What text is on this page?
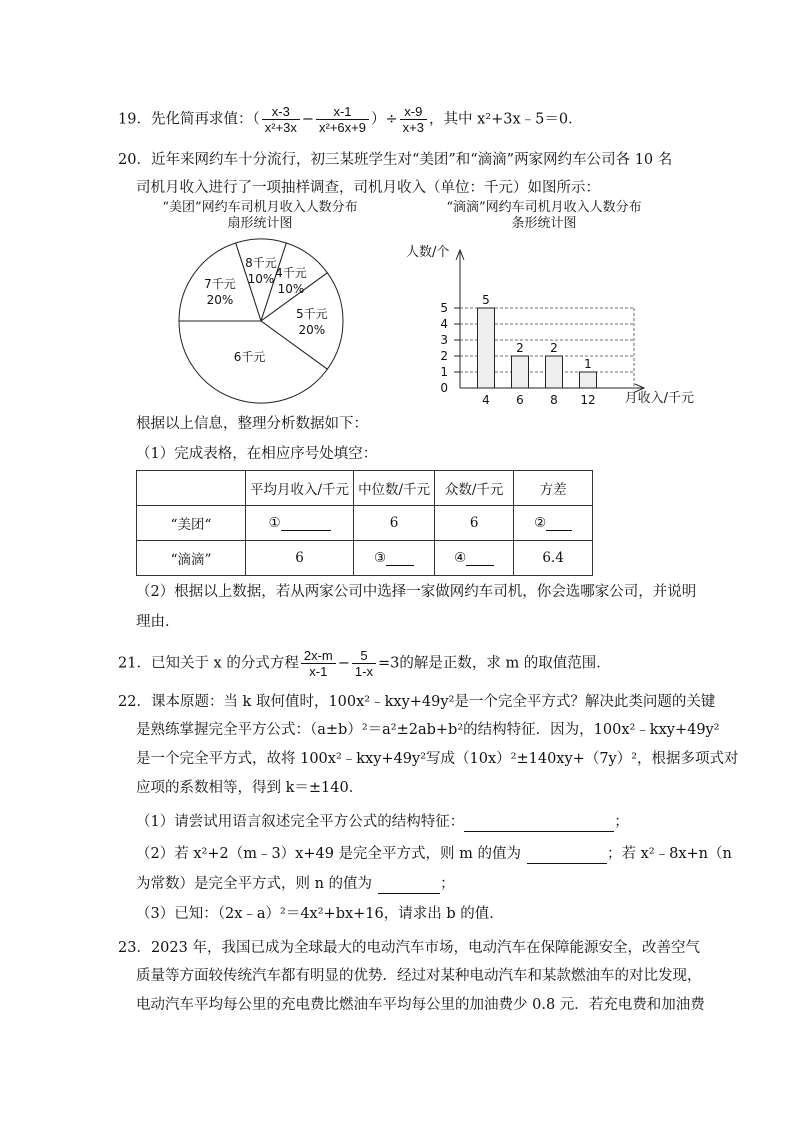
19．先化简再求值：（ $\frac{x-3}{\text{x²+3x}} - \frac{x-1}{\text{x²+6x+9}}$ ）÷ $\frac{x-9}{x+3}$ ，其中 x²+3x﹣5＝0．
20．近年来网约车十分流行，初三某班学生对“美团”和“滴滴”两家网约车公司各 10 名
司机月收入进行了一项抽样调查，司机月收入（单位：千元）如图所示：
“美团”网约车司机月收入人数分布
扇形统计图
“滴滴”网约车司机月收入人数分布
条形统计图
8千元
10% 4千元
10%
5千元
20%
6千元
7千元
20%
0
1
2
3
4
5
5
4
2
6
2
8
1
12
人数/个
月收入/千元
根据以上信息，整理分析数据如下：
（1）完成表格，在相应序号处填空：
	平均月收入/千元	中位数/千元	众数/千元	方差
“美团“	①	6	6	②
“滴滴”	6	③	④	6.4
（2）根据以上数据，若从两家公司中选择一家做网约车司机，你会选哪家公司，并说明
理由．
21．已知关于 x 的分式方程 $\frac{2x-m}{x-1} - \frac{5}{1-x} =3$的解是正数，求 m 的取值范围．
22．课本原题：当 k 取何值时，100x²﹣kxy+49y²是一个完全平方式？解决此类问题的关键
是熟练掌握完全平方公式：（a±b）²＝a²±2ab+b²的结构特征．因为，100x²﹣kxy+49y²
是一个完全平方式，故将 100x²﹣kxy+49y²写成（10x）²±140xy+（7y）²，根据多项式对
应项的系数相等，得到 k＝±140．
（1）请尝试用语言叙述完全平方公式的结构特征：	；
（2）若 x²+2（m﹣3）x+49 是完全平方式，则 m 的值为	；若 x²﹣8x+n（n
为常数）是完全平方式，则 n 的值为	；
（3）已知：（2x﹣a）²＝4x²+bx+16，请求出 b 的值．
23．2023 年，我国已成为全球最大的电动汽车市场，电动汽车在保障能源安全，改善空气
质量等方面较传统汽车都有明显的优势．经过对某种电动汽车和某款燃油车的对比发现，
电动汽车平均每公里的充电费比燃油车平均每公里的加油费少 0.8 元．若充电费和加油费
